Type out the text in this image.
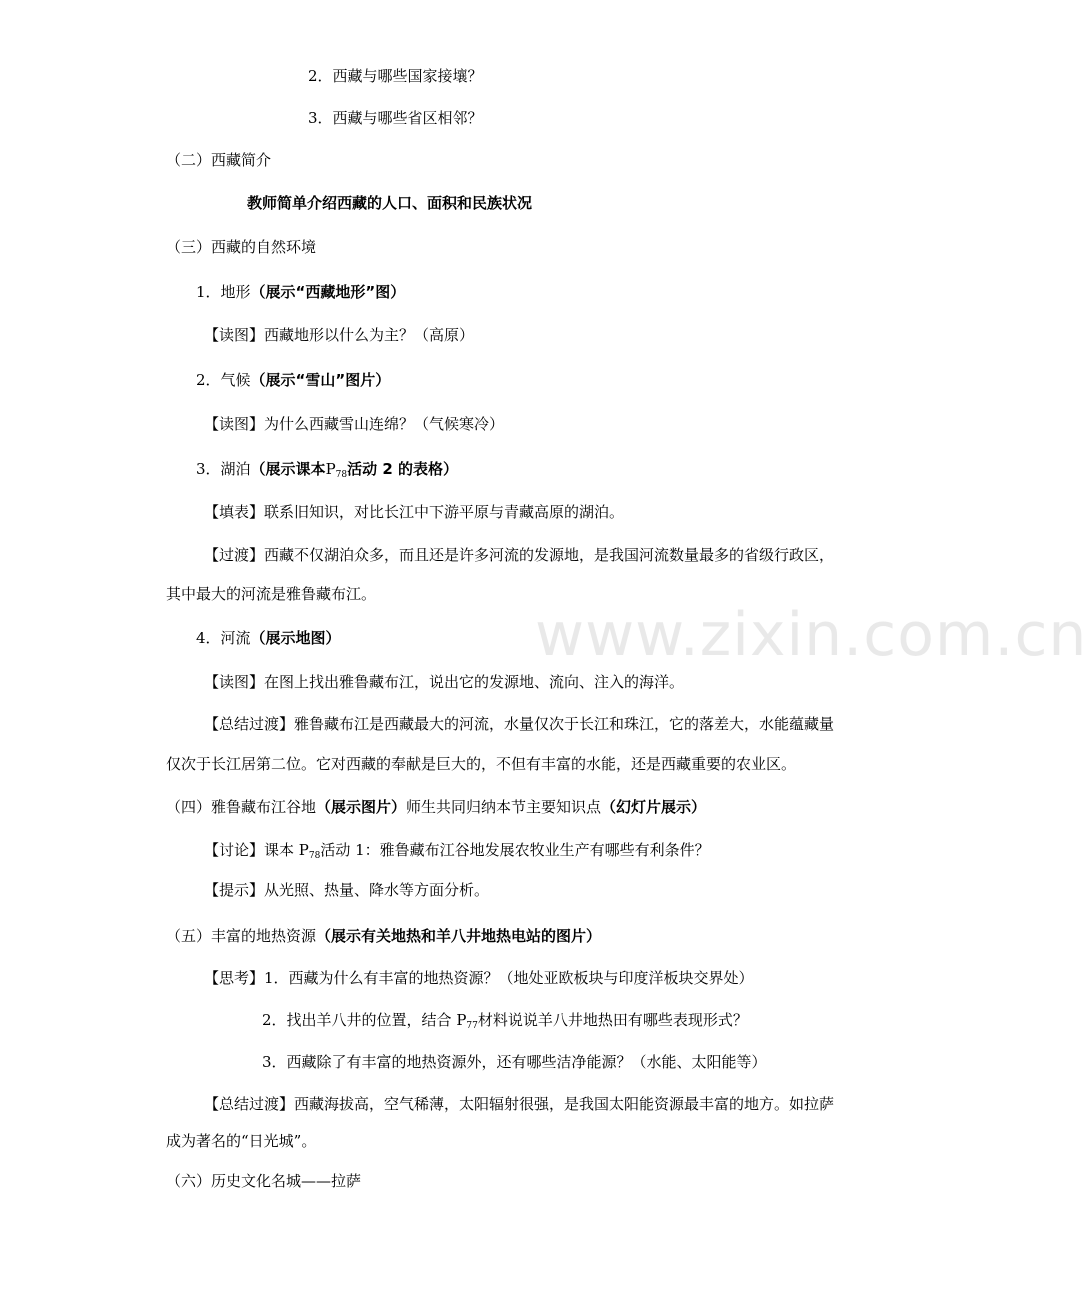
2．西藏与哪些国家接壤？
3．西藏与哪些省区相邻？
（二）西藏简介
教师简单介绍西藏的人口、面积和民族状况
（三）西藏的自然环境
1．地形（展示“西藏地形”图）
【读图】西藏地形以什么为主？（高原）
2．气候（展示“雪山”图片）
【读图】为什么西藏雪山连绵？（气候寒冷）
3．湖泊（展示课本$P_{78}$活动 2 的表格）
【填表】联系旧知识，对比长江中下游平原与青藏高原的湖泊。
【过渡】西藏不仅湖泊众多，而且还是许多河流的发源地，是我国河流数量最多的省级行政区，
其中最大的河流是雅鲁藏布江。
4．河流（展示地图）
【读图】在图上找出雅鲁藏布江，说出它的发源地、流向、注入的海洋。
【总结过渡】雅鲁藏布江是西藏最大的河流，水量仅次于长江和珠江，它的落差大，水能蕴藏量
仅次于长江居第二位。它对西藏的奉献是巨大的，不但有丰富的水能，还是西藏重要的农业区。
（四）雅鲁藏布江谷地（展示图片）师生共同归纳本节主要知识点（幻灯片展示）
【讨论】课本 $P_{78}$活动 1：雅鲁藏布江谷地发展农牧业生产有哪些有利条件？
【提示】从光照、热量、降水等方面分析。
（五）丰富的地热资源（展示有关地热和羊八井地热电站的图片）
【思考】1．西藏为什么有丰富的地热资源？（地处亚欧板块与印度洋板块交界处）
2．找出羊八井的位置，结合 $P_{77}$材料说说羊八井地热田有哪些表现形式？
3．西藏除了有丰富的地热资源外，还有哪些洁净能源？（水能、太阳能等）
【总结过渡】西藏海拔高，空气稀薄，太阳辐射很强，是我国太阳能资源最丰富的地方。如拉萨
成为著名的“日光城”。
（六）历史文化名城——拉萨
www.zixin.com.cn
